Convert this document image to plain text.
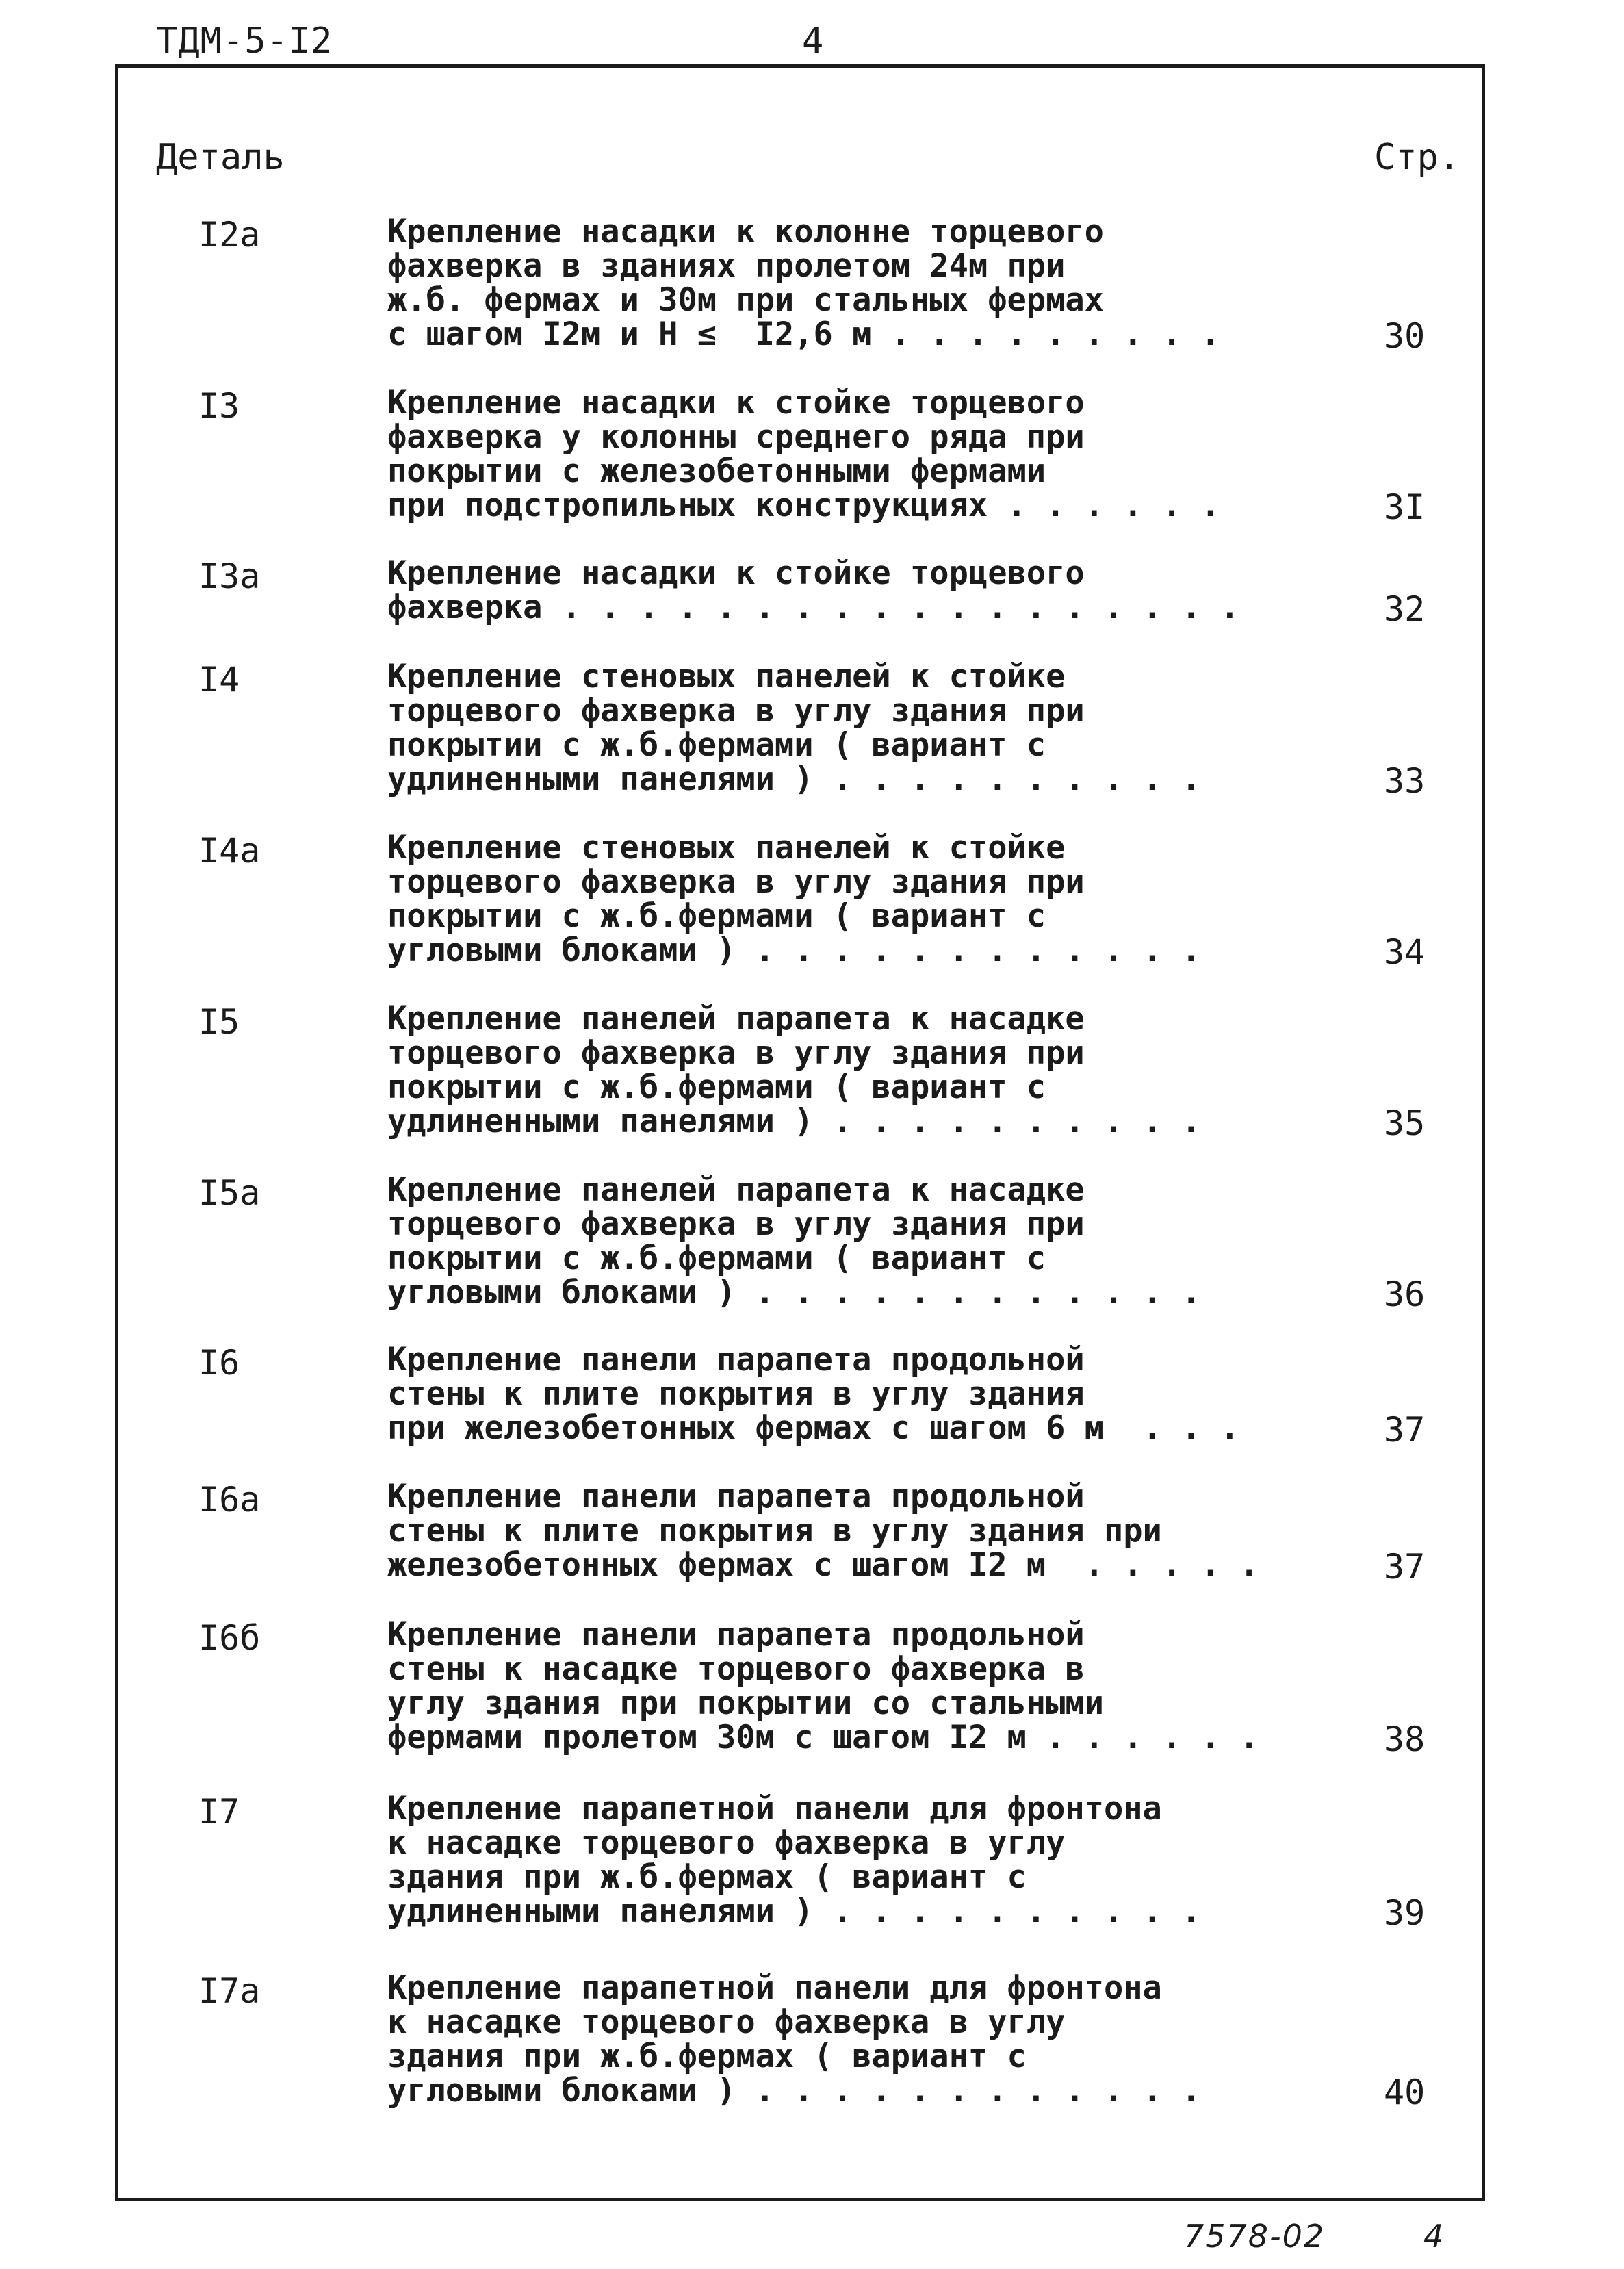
ТДМ-5-I2	4
Деталь	Стр.
I2a	Крепление насадки к колонне торцевого
фахверка в зданиях пролетом 24м при
ж.б. фермах и 30м при стальных фермах
с шагом I2м и Н ≤  I2,6 м . . . . . . . . .	30
I3	Крепление насадки к стойке торцевого
фахверка у колонны среднего ряда при
покрытии с железобетонными фермами
при подстропильных конструкциях . . . . . .	3I
I3a	Крепление насадки к стойке торцевого
фахверка . . . . . . . . . . . . . . . . . .	32
I4	Крепление стеновых панелей к стойке
торцевого фахверка в углу здания при
покрытии с ж.б.фермами ( вариант с
удлиненными панелями ) . . . . . . . . . .	33
I4a	Крепление стеновых панелей к стойке
торцевого фахверка в углу здания при
покрытии с ж.б.фермами ( вариант с
угловыми блоками ) . . . . . . . . . . . .	34
I5	Крепление панелей парапета к насадке
торцевого фахверка в углу здания при
покрытии с ж.б.фермами ( вариант с
удлиненными панелями ) . . . . . . . . . .	35
I5a	Крепление панелей парапета к насадке
торцевого фахверка в углу здания при
покрытии с ж.б.фермами ( вариант с
угловыми блоками ) . . . . . . . . . . . .	36
I6	Крепление панели парапета продольной
стены к плите покрытия в углу здания
при железобетонных фермах с шагом 6 м  . . .	37
I6a	Крепление панели парапета продольной
стены к плите покрытия в углу здания при
железобетонных фермах с шагом I2 м  . . . . .	37
I6б	Крепление панели парапета продольной
стены к насадке торцевого фахверка в
углу здания при покрытии со стальными
фермами пролетом 30м с шагом I2 м . . . . . .	38
I7	Крепление парапетной панели для фронтона
к насадке торцевого фахверка в углу
здания при ж.б.фермах ( вариант с
удлиненными панелями ) . . . . . . . . . .	39
I7a	Крепление парапетной панели для фронтона
к насадке торцевого фахверка в углу
здания при ж.б.фермах ( вариант с
угловыми блоками ) . . . . . . . . . . . .	40
7578-02	4
